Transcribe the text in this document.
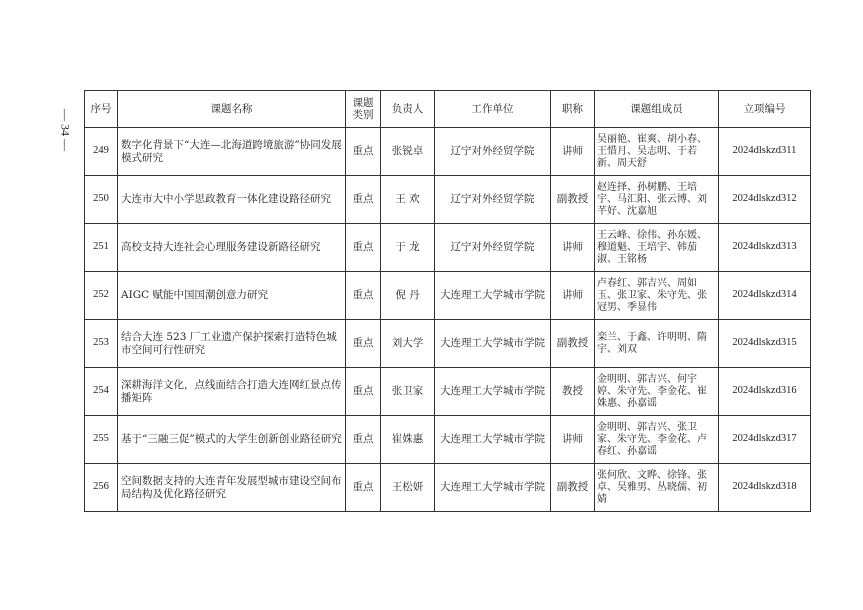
— 34 —
序号	课题名称	课题类别	负责人	工作单位	职称	课题组成员	立项编号
249	数字化背景下“大连—北海道跨境旅游”协同发展模式研究	重点	张锐卓	辽宁对外经贸学院	讲师	吴丽艳、崔爽、胡小春、王惜月、吴志明、于若新、周天舒	2024dlskzd311
250	大连市大中小学思政教育一体化建设路径研究	重点	王 欢	辽宁对外经贸学院	副教授	赵连择、孙树鹏、王培宇、马汇阳、张云博、刘芊好、沈嘉旭	2024dlskzd312
251	高校支持大连社会心理服务建设新路径研究	重点	于 龙	辽宁对外经贸学院	讲师	王云峰、徐伟、孙东媛、穆道魁、王培宇、韩茄淑、王铭杨	2024dlskzd313
252	AIGC 赋能中国国潮创意力研究	重点	倪 丹	大连理工大学城市学院	讲师	卢春红、郭吉兴、周如玉、张卫家、朱守先、张冠男、季显伟	2024dlskzd314
253	结合大连 523 厂工业遗产保护探索打造特色城市空间可行性研究	重点	刘大学	大连理工大学城市学院	副教授	栾兰、于鑫、许明明、隋宇、刘双	2024dlskzd315
254	深耕海洋文化，点线面结合打造大连网红景点传播矩阵	重点	张卫家	大连理工大学城市学院	教授	金明明、郭吉兴、何宇婷、朱守先、李金花、崔姝惠、孙嘉谣	2024dlskzd316
255	基于“三融三促”模式的大学生创新创业路径研究	重点	崔姝惠	大连理工大学城市学院	讲师	金明明、郭吉兴、张卫家、朱守先、李金花、卢春红、孙嘉谣	2024dlskzd317
256	空间数据支持的大连青年发展型城市建设空间布局结构及优化路径研究	重点	王松妍	大连理工大学城市学院	副教授	张何欣、文晔、徐锋、张卓、吴雅男、丛晓儒、初婧	2024dlskzd318
